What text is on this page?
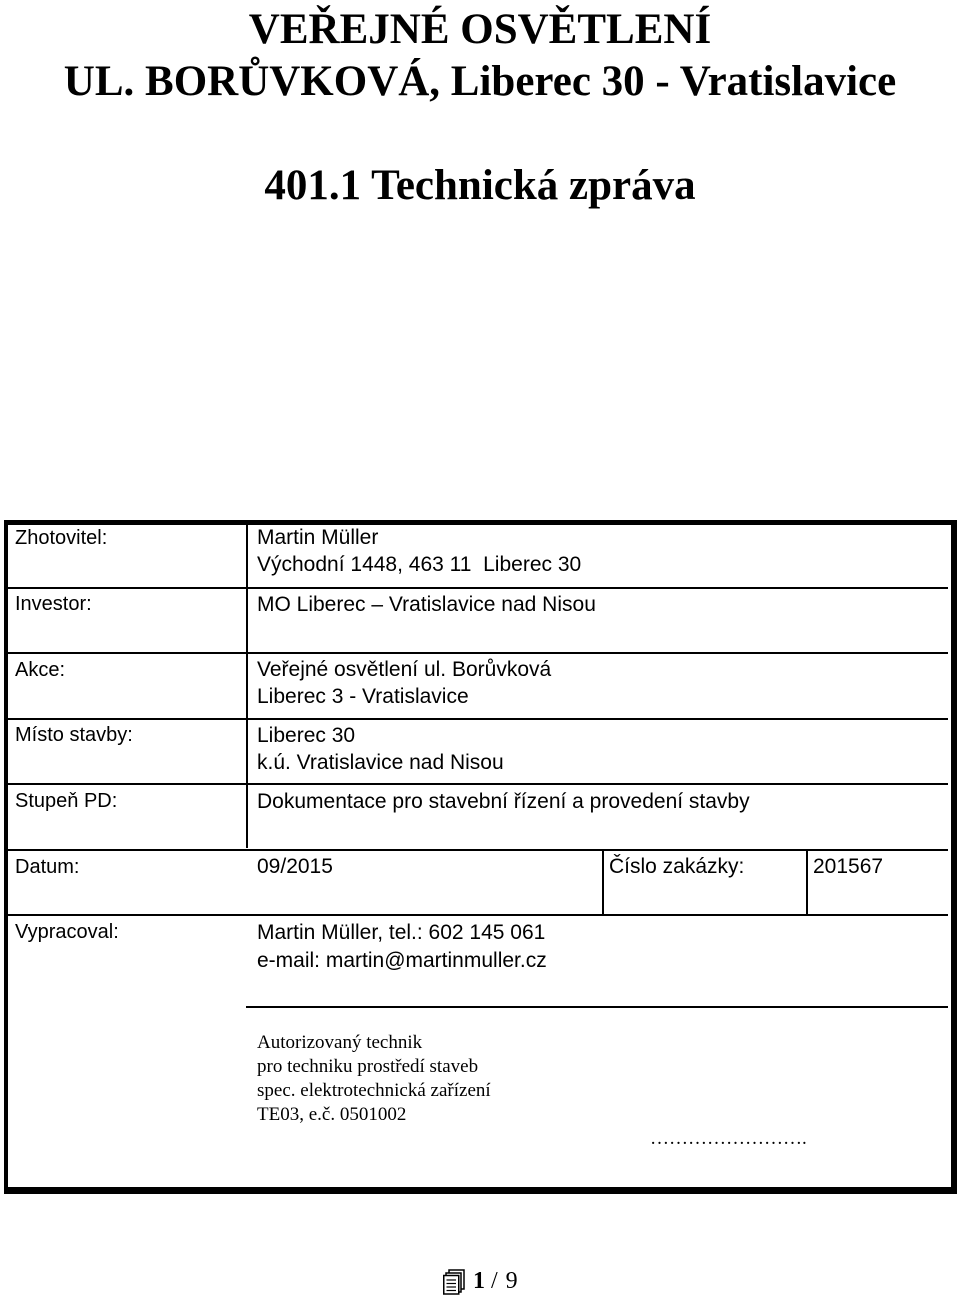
VEŘEJNÉ OSVĚTLENÍ
UL. BORŮVKOVÁ, Liberec 30 - Vratislavice
401.1 Technická zpráva
Zhotovitel:
Investor:
Akce:
Místo stavby:
Stupeň PD:
Datum:
Vypracoval:
Martin Müller
Východní 1448, 463 11  Liberec 30
MO Liberec – Vratislavice nad Nisou
Veřejné osvětlení ul. Borůvková
Liberec 3 - Vratislavice
Liberec 30
k.ú. Vratislavice nad Nisou
Dokumentace pro stavební řízení a provedení stavby
09/2015	Číslo zakázky:	201567
Martin Müller, tel.: 602 145 061
e-mail: martin@martinmuller.cz
Autorizovaný technik
pro techniku prostředí staveb
spec. elektrotechnická zařízení
TE03, e.č. 0501002
…………………….
1 / 9
